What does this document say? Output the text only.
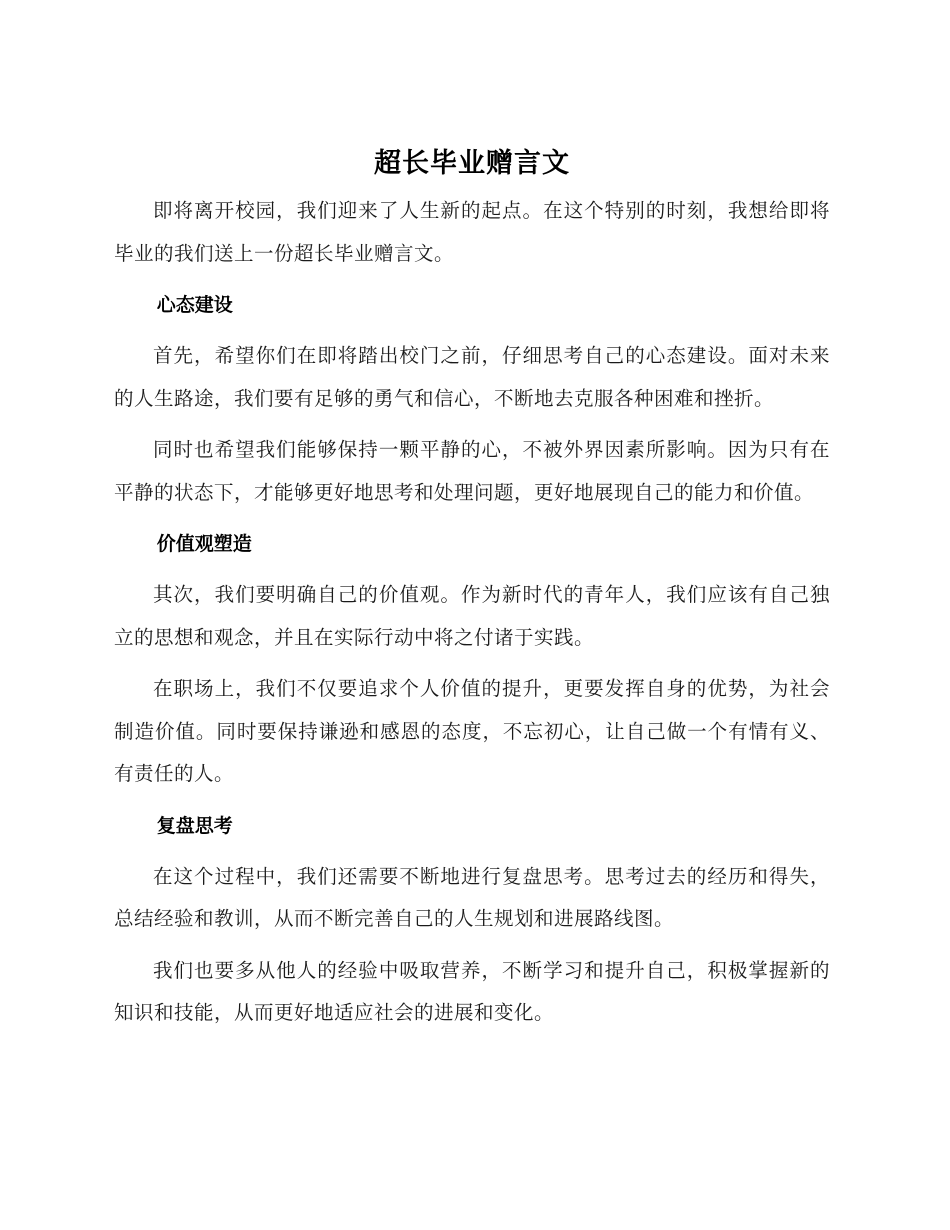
超长毕业赠言文

即将离开校园，我们迎来了人生新的起点。在这个特别的时刻，我想给即将毕业的我们送上一份超长毕业赠言文。

心态建设

首先，希望你们在即将踏出校门之前，仔细思考自己的心态建设。面对未来的人生路途，我们要有足够的勇气和信心，不断地去克服各种困难和挫折。

同时也希望我们能够保持一颗平静的心，不被外界因素所影响。因为只有在平静的状态下，才能够更好地思考和处理问题，更好地展现自己的能力和价值。

价值观塑造

其次，我们要明确自己的价值观。作为新时代的青年人，我们应该有自己独立的思想和观念，并且在实际行动中将之付诸于实践。

在职场上，我们不仅要追求个人价值的提升，更要发挥自身的优势，为社会制造价值。同时要保持谦逊和感恩的态度，不忘初心，让自己做一个有情有义、有责任的人。

复盘思考

在这个过程中，我们还需要不断地进行复盘思考。思考过去的经历和得失，总结经验和教训，从而不断完善自己的人生规划和进展路线图。

我们也要多从他人的经验中吸取营养，不断学习和提升自己，积极掌握新的知识和技能，从而更好地适应社会的进展和变化。
